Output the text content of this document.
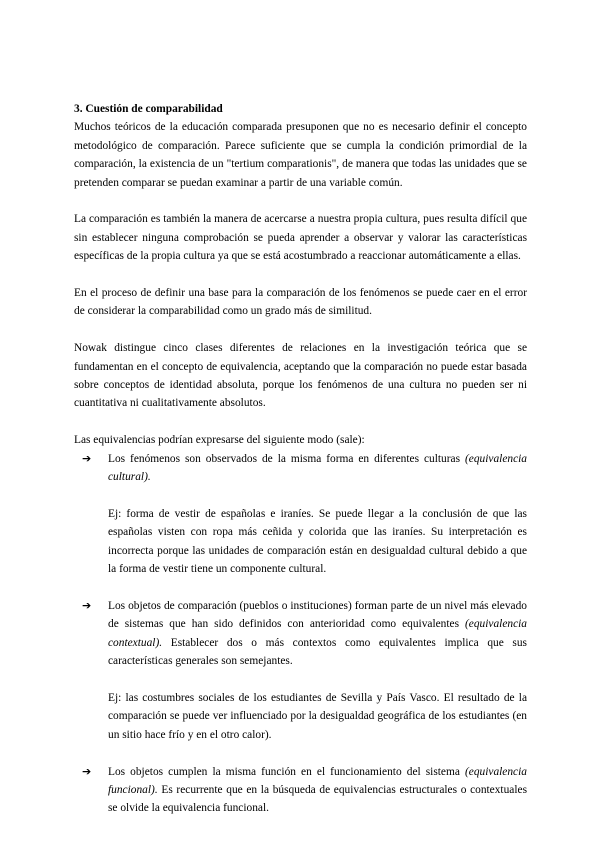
3. Cuestión de comparabilidad

Muchos teóricos de la educación comparada presuponen que no es necesario definir el concepto metodológico de comparación. Parece suficiente que se cumpla la condición primordial de la comparación, la existencia de un "tertium comparationis", de manera que todas las unidades que se pretenden comparar se puedan examinar a partir de una variable común.

La comparación es también la manera de acercarse a nuestra propia cultura, pues resulta difícil que sin establecer ninguna comprobación se pueda aprender a observar y valorar las características específicas de la propia cultura ya que se está acostumbrado a reaccionar automáticamente a ellas.

En el proceso de definir una base para la comparación de los fenómenos se puede caer en el error de considerar la comparabilidad como un grado más de similitud.

Nowak distingue cinco clases diferentes de relaciones en la investigación teórica que se fundamentan en el concepto de equivalencia, aceptando que la comparación no puede estar basada sobre conceptos de identidad absoluta, porque los fenómenos de una cultura no pueden ser ni cuantitativa ni cualitativamente absolutos.

Las equivalencias podrían expresarse del siguiente modo (sale):

➔ Los fenómenos son observados de la misma forma en diferentes culturas (equivalencia cultural).

Ej: forma de vestir de españolas e iraníes. Se puede llegar a la conclusión de que las españolas visten con ropa más ceñida y colorida que las iraníes. Su interpretación es incorrecta porque las unidades de comparación están en desigualdad cultural debido a que la forma de vestir tiene un componente cultural.

➔ Los objetos de comparación (pueblos o instituciones) forman parte de un nivel más elevado de sistemas que han sido definidos con anterioridad como equivalentes (equivalencia contextual). Establecer dos o más contextos como equivalentes implica que sus características generales son semejantes.

Ej: las costumbres sociales de los estudiantes de Sevilla y País Vasco. El resultado de la comparación se puede ver influenciado por la desigualdad geográfica de los estudiantes (en un sitio hace frío y en el otro calor).

➔ Los objetos cumplen la misma función en el funcionamiento del sistema (equivalencia funcional). Es recurrente que en la búsqueda de equivalencias estructurales o contextuales se olvide la equivalencia funcional.
